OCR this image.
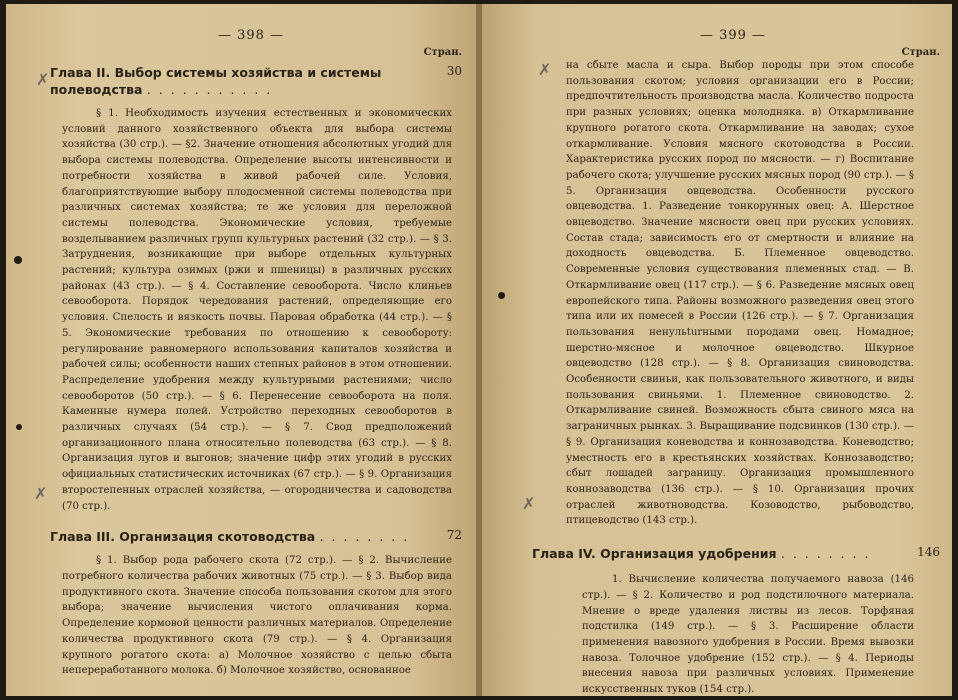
— 398 —
Стран.
Глава II. Выбор системы хозяйства и системы полеводства . . . . . . . . . . .
30
§ 1. Необходимость изучения естественных и экономических условий данного хозяйственного объекта для выбора системы хозяйства (30 стр.). — §2. Значение отношения абсолютных угодий для выбора системы полеводства. Определение высоты интенсивности и потребности хозяйства в живой рабочей силе. Условия, благоприятствующие выбору плодосменной системы полеводства при различных системах хозяйства; те же условия для переложной системы полеводства. Экономические условия, требуемые возделыванием различных групп культурных растений (32 стр.). — § 3. Затруднения, возникающие при выборе отдельных культурных растений; культура озимых (ржи и пшеницы) в различных русских районах (43 стр.). — § 4. Составление севооборота. Число клиньев севооборота. Порядок чередования растений, определяющие его условия. Спелость и вязкость почвы. Паровая обработка (44 стр.). — § 5. Экономические требования по отношению к севообороту: регулирование равномерного использования капиталов хозяйства и рабочей силы; особенности наших степных районов в этом отношении. Распределение удобрения между культурными растениями; число севооборотов (50 стр.). — § 6. Перенесение севооборота на поля. Каменные нумера полей. Устройство переходных севооборотов в различных случаях (54 стр.). — § 7. Свод предположений организационного плана относительно полеводства (63 стр.). — § 8. Организация лугов и выгонов; значение цифр этих угодий в русских официальных статистических источниках (67 стр.). — § 9. Организация второстепенных отраслей хозяйства, — огородничества и садоводства (70 стр.).
Глава III. Организация скотоводства . . . . . . . .	72
§ 1. Выбор рода рабочего скота (72 стр.). — § 2. Вычисление потребного количества рабочих животных (75 стр.). — § 3. Выбор вида продуктивного скота. Значение способа пользования скотом для этого выбора; значение вычисления чистого оплачивания корма. Определение кормовой ценности различных материалов. Определение количества продуктивного скота (79 стр.). — § 4. Организация крупного рогатого скота: а) Молочное хозяйство с целью сбыта непереработанного молока. б) Молочное хозяйство, основанное
✗
✗
— 399 —
Стран.
на сбыте масла и сыра. Выбор породы при этом способе пользования скотом; условия организации его в России; предпочтительность производства масла. Количество подроста при разных условиях; оценка молодняка. в) Откармливание крупного рогатого скота. Откармливание на заводах; сухое откармливание. Условия мясного скотоводства в России. Характеристика русских пород по мясности. — г) Воспитание рабочего скота; улучшение русских мясных пород (90 стр.). — § 5. Организация овцеводства. Особенности русского овцеводства. 1. Разведение тонкорунных овец: А. Шерстное овцеводство. Значение мясности овец при русских условиях. Состав стада; зависимость его от смертности и влияние на доходность овцеводства. Б. Племенное овцеводство. Современные условия существования племенных стад. — В. Откармливание овец (117 стр.). — § 6. Разведение мясных овец европейского типа. Районы возможного разведения овец этого типа или их помесей в России (126 стр.). — § 7. Организация пользования ненульturными породами овец. Номадное; шерстно-мясное и молочное овцеводство. Шкурное овцеводство (128 стр.). — § 8. Организация свиноводства. Особенности свиньи, как пользовательного животного, и виды пользования свиньями. 1. Племенное свиноводство. 2. Откармливание свиней. Возможность сбыта свиного мяса на заграничных рынках. 3. Выращивание подсвинков (130 стр.). — § 9. Организация коневодства и коннозаводства. Коневодство; уместность его в крестьянских хозяйствах. Коннозаводство; сбыт лошадей заграницу. Организация промышленного коннозаводства (136 стр.). — § 10. Организация прочих отраслей животноводства. Козоводство, рыбоводство, птицеводство (143 стр.).
Глава IV. Организация удобрения . . . . . . . .	146
1. Вычисление количества получаемого навоза (146 стр.). — § 2. Количество и род подстилочного материала. Мнение о вреде удаления листвы из лесов. Торфяная подстилка (149 стр.). — § 3. Расширение области применения навозного удобрения в России. Время вывозки навоза. Толочное удобрение (152 стр.). — § 4. Периоды внесения навоза при различных условиях. Применение искусственных туков (154 стр.).
✗
✗
